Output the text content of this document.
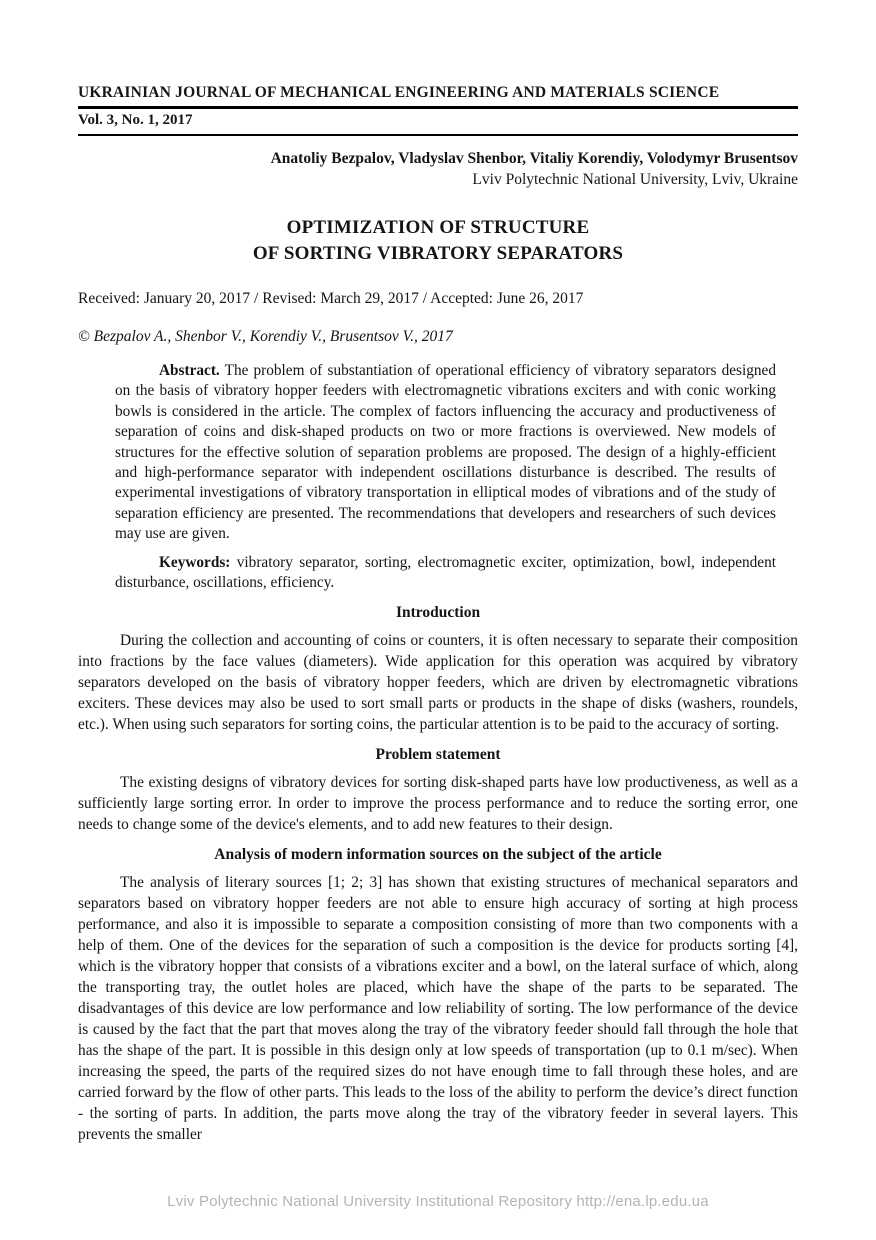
UKRAINIAN JOURNAL OF MECHANICAL ENGINEERING AND MATERIALS SCIENCE
Vol. 3, No. 1, 2017
Anatoliy Bezpalov, Vladyslav Shenbor, Vitaliy Korendiy, Volodymyr Brusentsov
Lviv Polytechnic National University, Lviv, Ukraine
OPTIMIZATION OF STRUCTURE
OF SORTING VIBRATORY SEPARATORS
Received: January 20, 2017 / Revised: March 29, 2017 / Accepted: June 26, 2017
© Bezpalov A., Shenbor V., Korendiy V., Brusentsov V., 2017

Abstract. The problem of substantiation of operational efficiency of vibratory separators designed on the basis of vibratory hopper feeders with electromagnetic vibrations exciters and with conic working bowls is considered in the article. The complex of factors influencing the accuracy and productiveness of separation of coins and disk-shaped products on two or more fractions is overviewed. New models of structures for the effective solution of separation problems are proposed. The design of a highly-efficient and high-performance separator with independent oscillations disturbance is described. The results of experimental investigations of vibratory transportation in elliptical modes of vibrations and of the study of separation efficiency are presented. The recommendations that developers and researchers of such devices may use are given.

Keywords: vibratory separator, sorting, electromagnetic exciter, optimization, bowl, independent disturbance, oscillations, efficiency.

Introduction

During the collection and accounting of coins or counters, it is often necessary to separate their composition into fractions by the face values (diameters). Wide application for this operation was acquired by vibratory separators developed on the basis of vibratory hopper feeders, which are driven by electromagnetic vibrations exciters. These devices may also be used to sort small parts or products in the shape of disks (washers, roundels, etc.). When using such separators for sorting coins, the particular attention is to be paid to the accuracy of sorting.

Problem statement

The existing designs of vibratory devices for sorting disk-shaped parts have low productiveness, as well as a sufficiently large sorting error. In order to improve the process performance and to reduce the sorting error, one needs to change some of the device's elements, and to add new features to their design.

Analysis of modern information sources on the subject of the article

The analysis of literary sources [1; 2; 3] has shown that existing structures of mechanical separators and separators based on vibratory hopper feeders are not able to ensure high accuracy of sorting at high process performance, and also it is impossible to separate a composition consisting of more than two components with a help of them. One of the devices for the separation of such a composition is the device for products sorting [4], which is the vibratory hopper that consists of a vibrations exciter and a bowl, on the lateral surface of which, along the transporting tray, the outlet holes are placed, which have the shape of the parts to be separated. The disadvantages of this device are low performance and low reliability of sorting. The low performance of the device is caused by the fact that the part that moves along the tray of the vibratory feeder should fall through the hole that has the shape of the part. It is possible in this design only at low speeds of transportation (up to 0.1 m/sec). When increasing the speed, the parts of the required sizes do not have enough time to fall through these holes, and are carried forward by the flow of other parts. This leads to the loss of the ability to perform the device’s direct function - the sorting of parts. In addition, the parts move along the tray of the vibratory feeder in several layers. This prevents the smaller

Lviv Polytechnic National University Institutional Repository http://ena.lp.edu.ua
